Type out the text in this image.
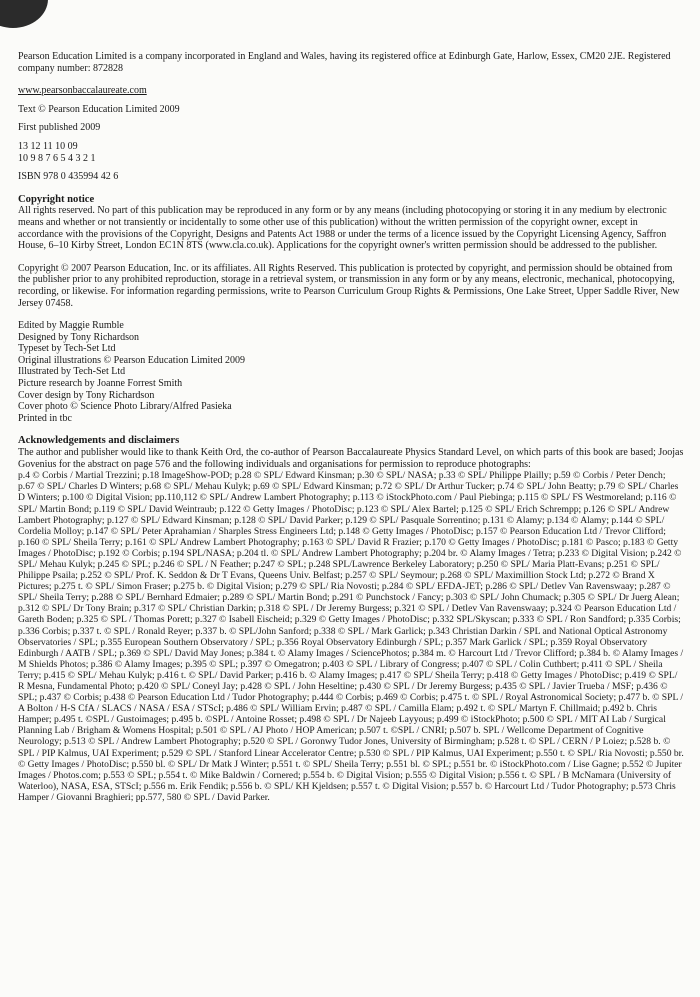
Pearson Education Limited is a company incorporated in England and Wales, having its registered office at Edinburgh Gate, Harlow, Essex, CM20 2JE. Registered company number: 872828

www.pearsonbaccalaureate.com

Text © Pearson Education Limited 2009

First published 2009

13 12 11 10 09

10 9 8 7 6 5 4 3 2 1

ISBN 978 0 435994 42 6

Copyright notice

All rights reserved. No part of this publication may be reproduced in any form or by any means (including photocopying or storing it in any medium by electronic means and whether or not transiently or incidentally to some other use of this publication) without the written permission of the copyright owner, except in accordance with the provisions of the Copyright, Designs and Patents Act 1988 or under the terms of a licence issued by the Copyright Licensing Agency, Saffron House, 6–10 Kirby Street, London EC1N 8TS (www.cla.co.uk). Applications for the copyright owner's written permission should be addressed to the publisher.

Copyright © 2007 Pearson Education, Inc. or its affiliates. All Rights Reserved. This publication is protected by copyright, and permission should be obtained from the publisher prior to any prohibited reproduction, storage in a retrieval system, or transmission in any form or by any means, electronic, mechanical, photocopying, recording, or likewise. For information regarding permissions, write to Pearson Curriculum Group Rights & Permissions, One Lake Street, Upper Saddle River, New Jersey 07458.

Edited by Maggie Rumble

Designed by Tony Richardson

Typeset by Tech-Set Ltd

Original illustrations © Pearson Education Limited 2009

Illustrated by Tech-Set Ltd

Picture research by Joanne Forrest Smith

Cover design by Tony Richardson

Cover photo © Science Photo Library/Alfred Pasieka

Printed in tbc

Acknowledgements and disclaimers

The author and publisher would like to thank Keith Ord, the co-author of Pearson Baccalaureate Physics Standard Level, on which parts of this book are based; Joojas Govenius for the abstract on page 576 and the following individuals and organisations for permission to reproduce photographs:

p.4 © Corbis / Martial Trezzini; p.18 ImageShow-POD; p.28 © SPL/ Edward Kinsman; p.30 © SPL/ NASA; p.33 © SPL/ Philippe Plailly; p.59 © Corbis / Peter Dench; p.67 © SPL/ Charles D Winters; p.68 © SPL/ Mehau Kulyk; p.69 © SPL/ Edward Kinsman; p.72 © SPL/ Dr Arthur Tucker; p.74 © SPL/ John Beatty; p.79 © SPL/ Charles D Winters; p.100 © Digital Vision; pp.110,112 © SPL/ Andrew Lambert Photography; p.113 © iStockPhoto.com / Paul Piebinga; p.115 © SPL/ FS Westmoreland; p.116 © SPL/ Martin Bond; p.119 © SPL/ David Weintraub; p.122 © Getty Images / PhotoDisc; p.123 © SPL/ Alex Bartel; p.125 © SPL/ Erich Schrempp; p.126 © SPL/ Andrew Lambert Photography; p.127 © SPL/ Edward Kinsman; p.128 © SPL/ David Parker; p.129 © SPL/ Pasquale Sorrentino; p.131 © Alamy; p.134 © Alamy; p.144 © SPL/ Cordelia Molloy; p.147 © SPL/ Peter Aprahamian / Sharples Stress Engineers Ltd; p.148 © Getty Images / PhotoDisc; p.157 © Pearson Education Ltd / Trevor Clifford; p.160 © SPL/ Sheila Terry; p.161 © SPL/ Andrew Lambert Photography; p.163 © SPL/ David R Frazier; p.170 © Getty Images / PhotoDisc; p.181 © Pasco; p.183 © Getty Images / PhotoDisc; p.192 © Corbis; p.194 SPL/NASA; p.204 tl. © SPL/ Andrew Lambert Photography; p.204 br. © Alamy Images / Tetra; p.233 © Digital Vision; p.242 © SPL/ Mehau Kulyk; p.245 © SPL; p.246 © SPL / N Feather; p.247 © SPL; p.248 SPL/Lawrence Berkeley Laboratory; p.250 © SPL/ Maria Platt-Evans; p.251 © SPL/ Philippe Psaila; p.252 © SPL/ Prof. K. Seddon & Dr T Evans, Queens Univ. Belfast; p.257 © SPL/ Seymour; p.268 © SPL/ Maximillion Stock Ltd; p.272 © Brand X Pictures; p.275 t. © SPL/ Simon Fraser; p.275 b. © Digital Vision; p.279 © SPL/ Ria Novosti; p.284 © SPL/ EFDA-JET; p.286 © SPL/ Detlev Van Ravenswaay; p.287 © SPL/ Sheila Terry; p.288 © SPL/ Bernhard Edmaier; p.289 © SPL/ Martin Bond; p.291 © Punchstock / Fancy; p.303 © SPL/ John Chumack; p.305 © SPL/ Dr Juerg Alean; p.312 © SPL/ Dr Tony Brain; p.317 © SPL/ Christian Darkin; p.318 © SPL / Dr Jeremy Burgess; p.321 © SPL / Detlev Van Ravenswaay; p.324 © Pearson Education Ltd / Gareth Boden; p.325 © SPL / Thomas Porett; p.327 © Isabell Eischeid; p.329 © Getty Images / PhotoDisc; p.332 SPL/Skyscan; p.333 © SPL / Ron Sandford; p.335 Corbis; p.336 Corbis; p.337 t. © SPL / Ronald Reyer; p.337 b. © SPL/John Sanford; p.338 © SPL / Mark Garlick; p.343 Christian Darkin / SPL and National Optical Astronomy Observatories / SPL; p.355 European Southern Observatory / SPL; p.356 Royal Observatory Edinburgh / SPL; p.357 Mark Garlick / SPL; p.359 Royal Observatory Edinburgh / AATB / SPL; p.369 © SPL/ David May Jones; p.384 t. © Alamy Images / SciencePhotos; p.384 m. © Harcourt Ltd / Trevor Clifford; p.384 b. © Alamy Images / M Shields Photos; p.386 © Alamy Images; p.395 © SPL; p.397 © Omegatron; p.403 © SPL / Library of Congress; p.407 © SPL / Colin Cuthbert; p.411 © SPL / Sheila Terry; p.415 © SPL/ Mehau Kulyk; p.416 t. © SPL/ David Parker; p.416 b. © Alamy Images; p.417 © SPL/ Sheila Terry; p.418 © Getty Images / PhotoDisc; p.419 © SPL/ R Mesna, Fundamental Photo; p.420 © SPL/ Coneyl Jay; p.428 © SPL / John Heseltine; p.430 © SPL / Dr Jeremy Burgess; p.435 © SPL / Javier Trueba / MSF; p.436 © SPL; p.437 © Corbis; p.438 © Pearson Education Ltd / Tudor Photography; p.444 © Corbis; p.469 © Corbis; p.475 t. © SPL / Royal Astronomical Society; p.477 b. © SPL / A Bolton / H-S CfA / SLACS / NASA / ESA / STScI; p.486 © SPL/ William Ervin; p.487 © SPL / Camilla Elam; p.492 t. © SPL/ Martyn F. Chillmaid; p.492 b. Chris Hamper; p.495 t. ©SPL / Gustoimages; p.495 b. ©SPL / Antoine Rosset; p.498 © SPL / Dr Najeeb Layyous; p.499 © iStockPhoto; p.500 © SPL / MIT AI Lab / Surgical Planning Lab / Brigham & Womens Hospital; p.501 © SPL / AJ Photo / HOP American; p.507 t. ©SPL / CNRI; p.507 b. SPL / Wellcome Department of Cognitive Neurology; p.513 © SPL / Andrew Lambert Photography; p.520 © SPL / Goronwy Tudor Jones, University of Birmingham; p.528 t. © SPL / CERN / P Loiez; p.528 b. © SPL / PIP Kalmus, UAI Experiment; p.529 © SPL / Stanford Linear Accelerator Centre; p.530 © SPL / PIP Kalmus, UAI Experiment; p.550 t. © SPL/ Ria Novosti; p.550 br. © Getty Images / PhotoDisc; p.550 bl. © SPL/ Dr Matk J Winter; p.551 t. © SPL/ Sheila Terry; p.551 bl. © SPL; p.551 br. © iStockPhoto.com / Lise Gagne; p.552 © Jupiter Images / Photos.com; p.553 © SPL; p.554 t. © Mike Baldwin / Cornered; p.554 b. © Digital Vision; p.555 © Digital Vision; p.556 t. © SPL / B McNamara (University of Waterloo), NASA, ESA, STScI; p.556 m. Erik Fendik; p.556 b. © SPL/ KH Kjeldsen; p.557 t. © Digital Vision; p.557 b. © Harcourt Ltd / Tudor Photography; p.573 Chris Hamper / Giovanni Braghieri; pp.577, 580 © SPL / David Parker.
